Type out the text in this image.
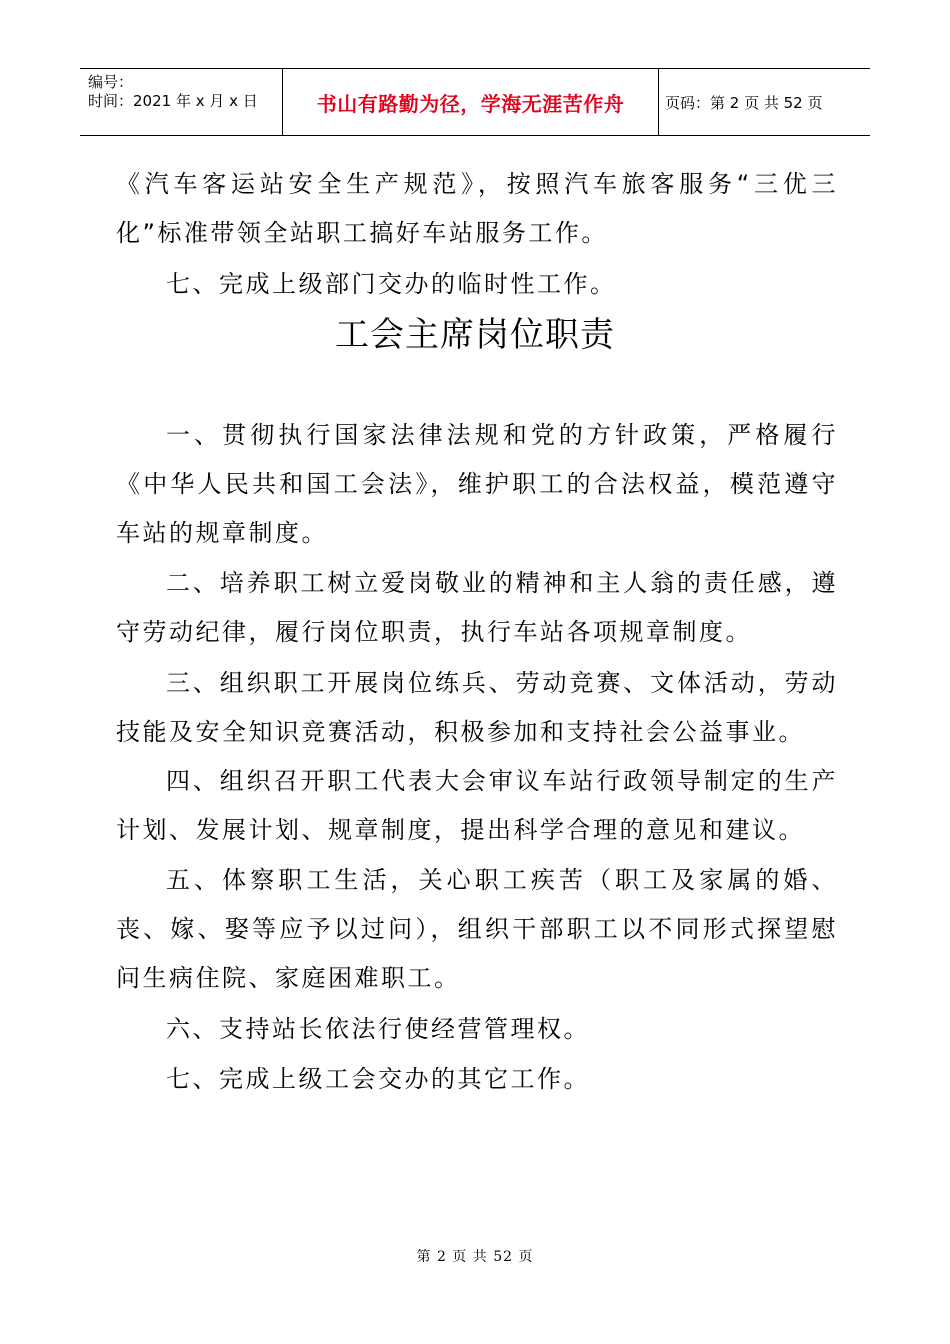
编号：
时间：2021 年 x 月 x 日	书山有路勤为径，学海无涯苦作舟	页码：第 2 页 共 52 页

《汽车客运站安全生产规范》，按照汽车旅客服务“三优三化”标准带领全站职工搞好车站服务工作。

七、完成上级部门交办的临时性工作。

工会主席岗位职责

一、贯彻执行国家法律法规和党的方针政策，严格履行《中华人民共和国工会法》，维护职工的合法权益，模范遵守车站的规章制度。

二、培养职工树立爱岗敬业的精神和主人翁的责任感，遵守劳动纪律，履行岗位职责，执行车站各项规章制度。

三、组织职工开展岗位练兵、劳动竞赛、文体活动，劳动技能及安全知识竞赛活动，积极参加和支持社会公益事业。

四、组织召开职工代表大会审议车站行政领导制定的生产计划、发展计划、规章制度，提出科学合理的意见和建议。

五、体察职工生活，关心职工疾苦（职工及家属的婚、丧、嫁、娶等应予以过问），组织干部职工以不同形式探望慰问生病住院、家庭困难职工。

六、支持站长依法行使经营管理权。

七、完成上级工会交办的其它工作。

第 2 页 共 52 页
